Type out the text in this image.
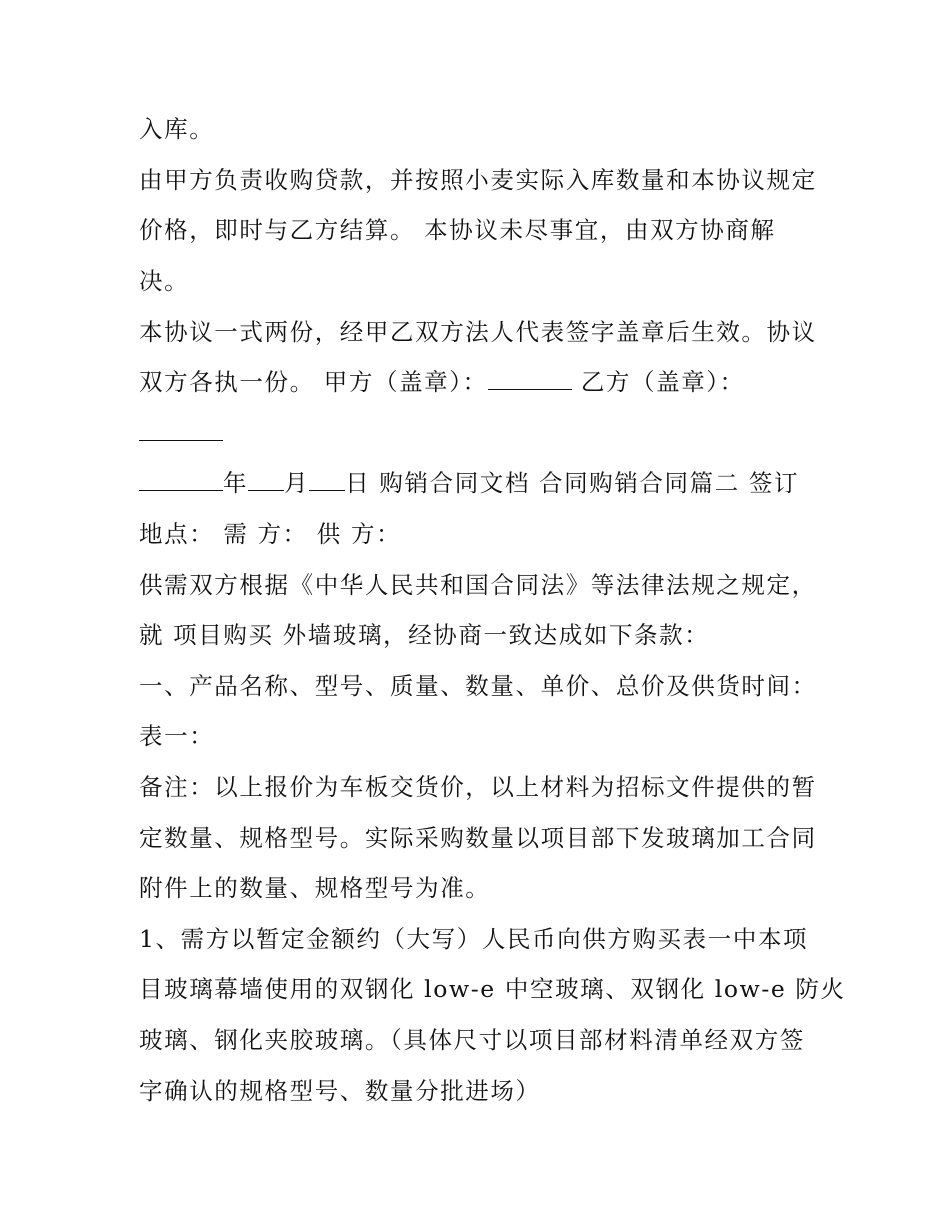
入库。
由甲方负责收购贷款，并按照小麦实际入库数量和本协议规定
价格，即时与乙方结算。 本协议未尽事宜，由双方协商解
决。
本协议一式两份，经甲乙双方法人代表签字盖章后生效。协议
双方各执一份。 甲方（盖章）：	乙方（盖章）：
年 月 日 购销合同文档 合同购销合同篇二 签订
地点： 需 方： 供 方：
供需双方根据《中华人民共和国合同法》等法律法规之规定，
就 项目购买 外墙玻璃，经协商一致达成如下条款：
一、产品名称、型号、质量、数量、单价、总价及供货时间：
表一：
备注：以上报价为车板交货价，以上材料为招标文件提供的暂
定数量、规格型号。实际采购数量以项目部下发玻璃加工合同
附件上的数量、规格型号为准。
1、需方以暂定金额约（大写）人民币向供方购买表一中本项
目玻璃幕墙使用的双钢化 low-e 中空玻璃、双钢化 low-e 防火
玻璃、钢化夹胶玻璃。（具体尺寸以项目部材料清单经双方签
字确认的规格型号、数量分批进场）
